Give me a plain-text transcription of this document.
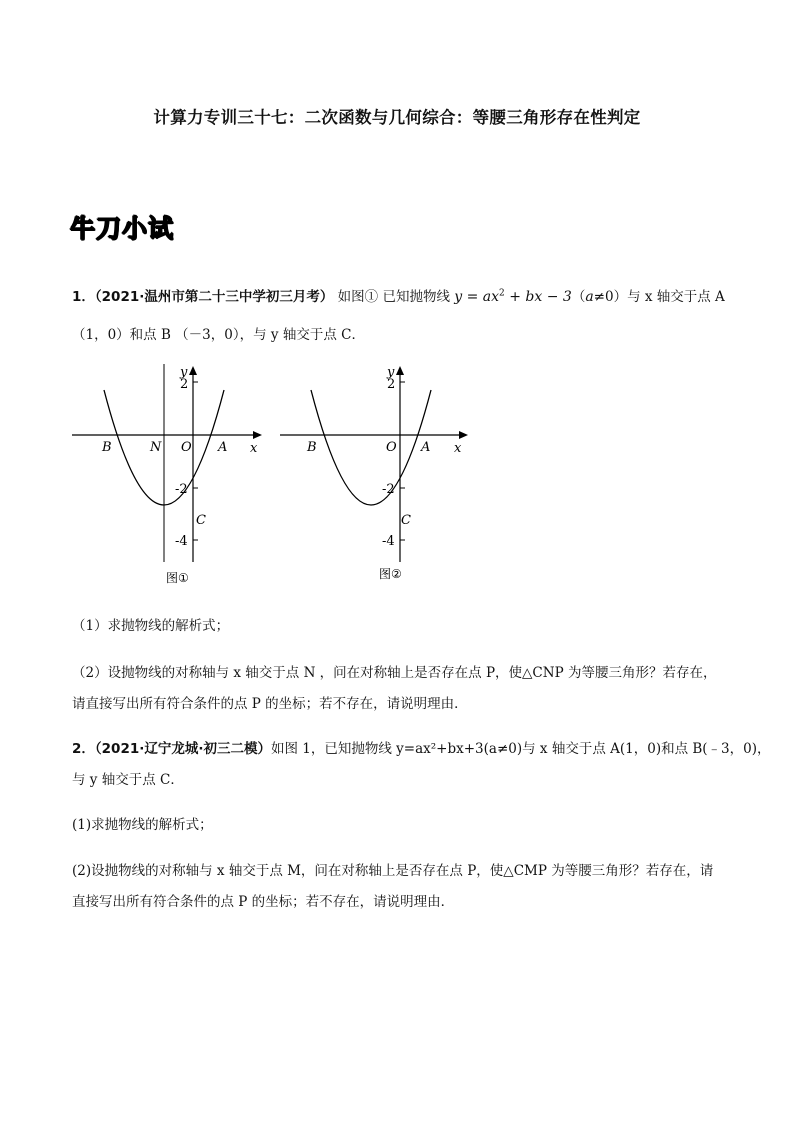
计算力专训三十七：二次函数与几何综合：等腰三角形存在性判定
牛刀小试
1．（2021·温州市第二十三中学初三月考） 如图① 已知抛物线 $y = ax^2$ + bx − 3（a≠0）与 x 轴交于点 A
（1，0）和点 B （－3，0），与 y 轴交于点 C．
y
2
B	N O A x
-2
C
-4
图①
y
2
B	O A x
-2
C
-4
图②
（1）求抛物线的解析式；
（2）设抛物线的对称轴与 x 轴交于点 N ，问在对称轴上是否存在点 P，使△CNP 为等腰三角形？若存在，
请直接写出所有符合条件的点 P 的坐标；若不存在，请说明理由．
2．（2021·辽宁龙城·初三二模）如图 1，已知抛物线 y=ax²+bx+3(a≠0)与 x 轴交于点 A(1，0)和点 B(﹣3，0)，
与 y 轴交于点 C．
(1)求抛物线的解析式；
(2)设抛物线的对称轴与 x 轴交于点 M，问在对称轴上是否存在点 P，使△CMP 为等腰三角形？若存在，请
直接写出所有符合条件的点 P 的坐标；若不存在，请说明理由．
